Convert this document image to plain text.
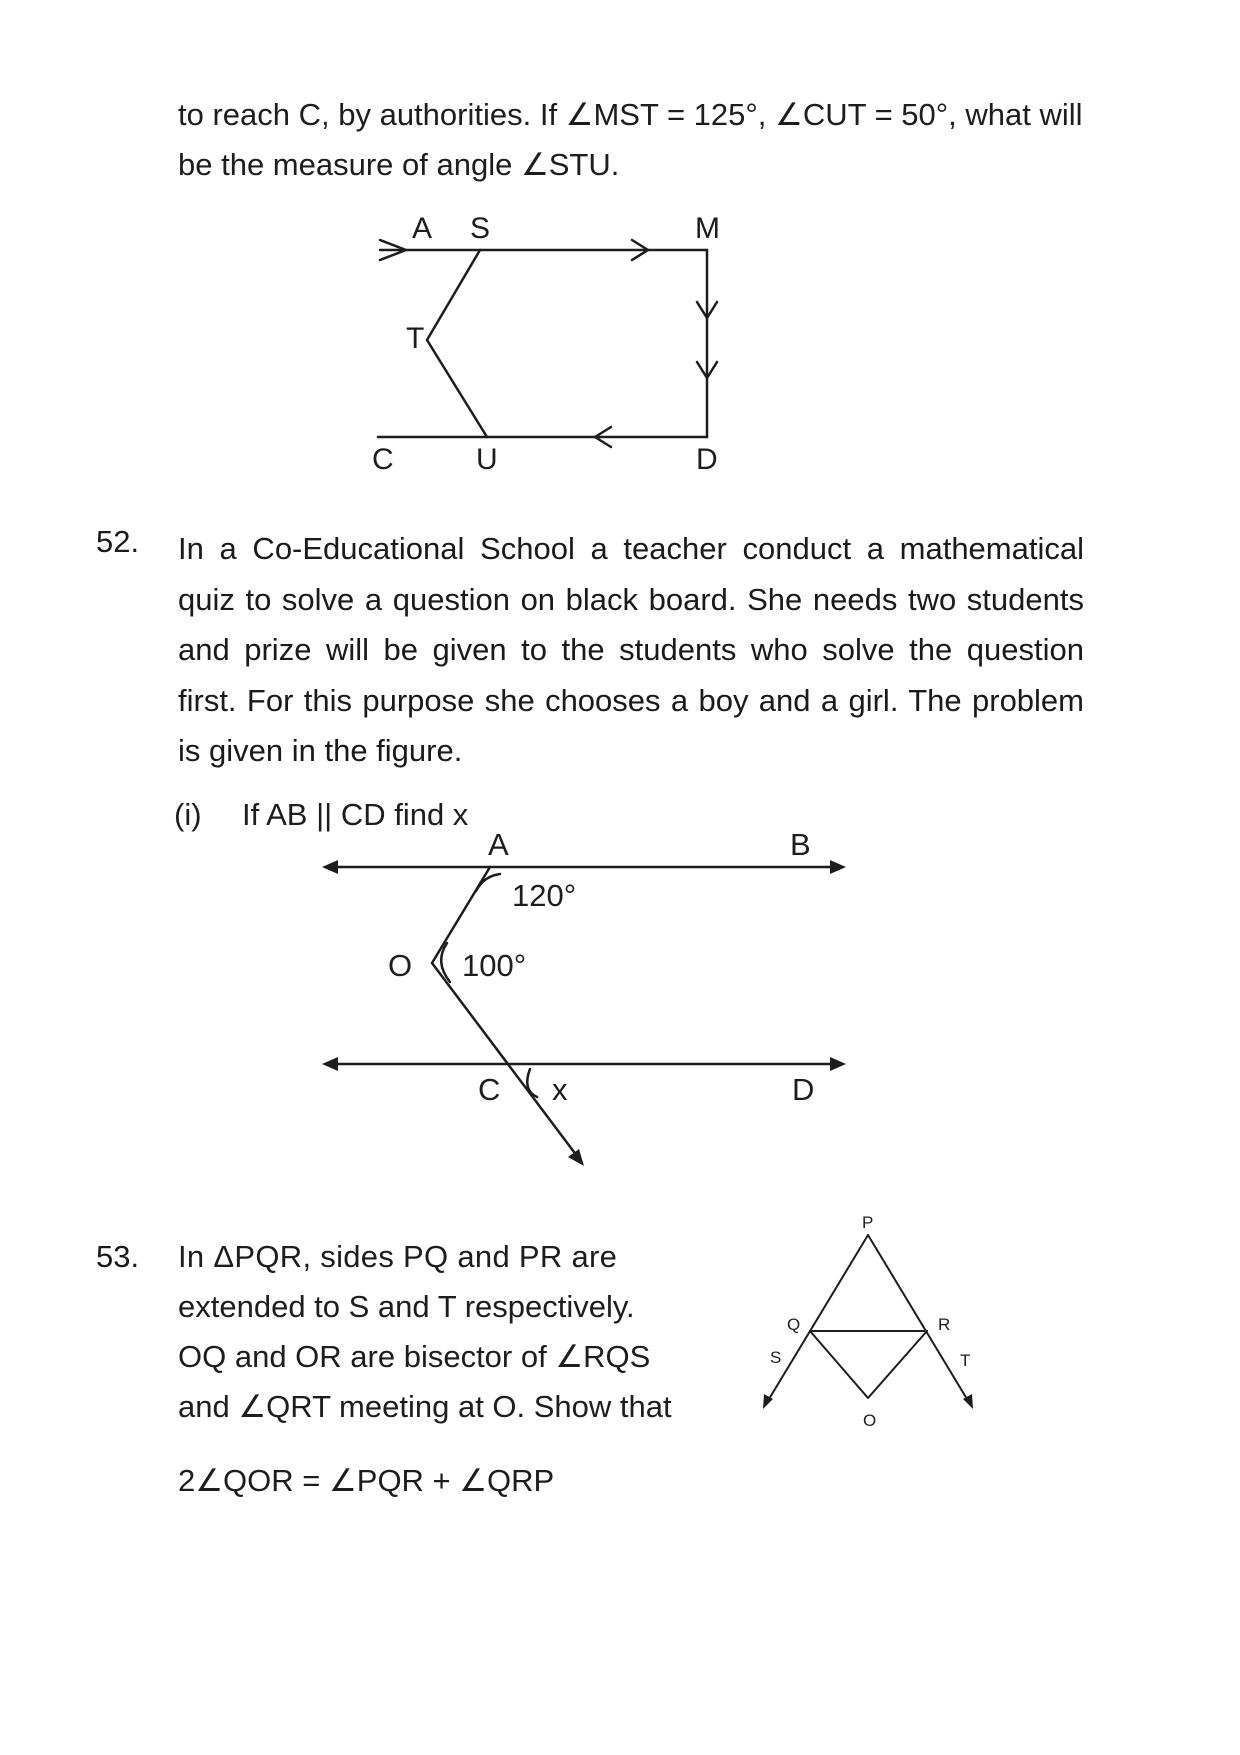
to reach C, by authorities. If ∠MST = 125°, ∠CUT = 50°, what will
be the measure of angle ∠STU.
A S	M
T
C	U	D
52. In a Co-Educational School a teacher conduct a mathematical quiz to solve a question on black board. She needs two students and prize will be given to the students who solve the question first. For this purpose she chooses a boy and a girl. The problem is given in the figure.
(i) If AB || CD find x
A	B
120°
O 100°
C x	D
53. In ΔPQR, sides PQ and PR are
extended to S and T respectively.
OQ and OR are bisector of ∠RQS
and ∠QRT meeting at O. Show that
2∠QOR = ∠PQR + ∠QRP
P
Q	R
S	T
O
